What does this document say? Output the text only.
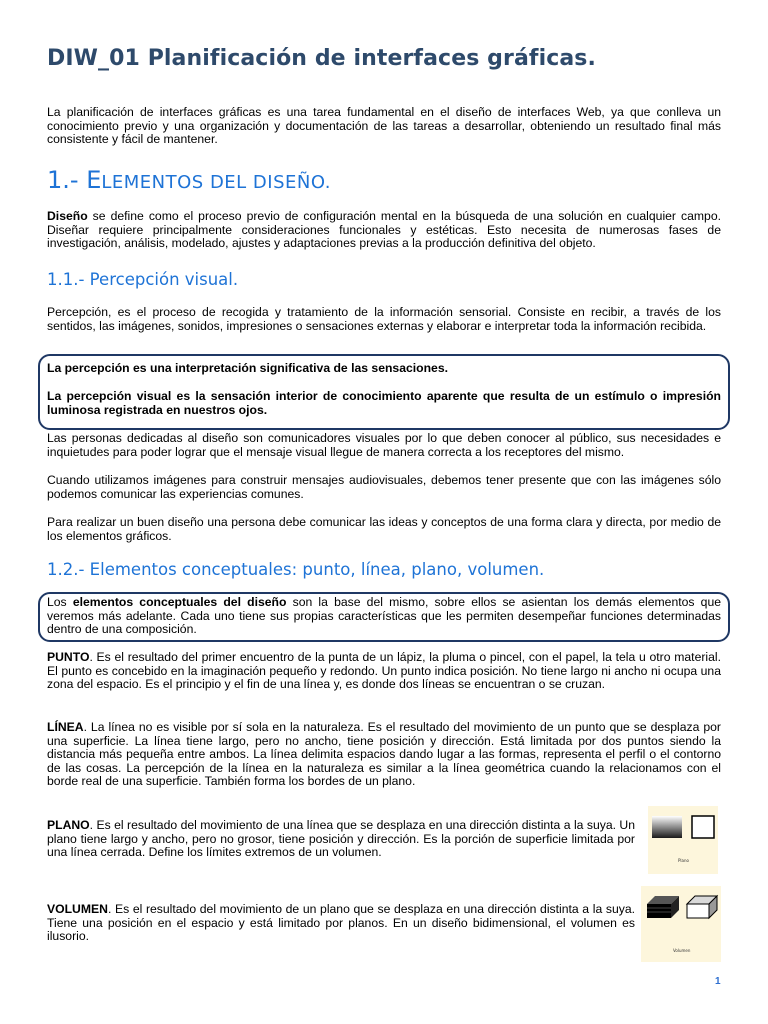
DIW_01 Planificación de interfaces gráficas.

La planificación de interfaces gráficas es una tarea fundamental en el diseño de interfaces Web, ya que conlleva un conocimiento previo y una organización y documentación de las tareas a desarrollar, obteniendo un resultado final más consistente y fácil de mantener.

1.- ELEMENTOS DEL DISEÑO.

Diseño se define como el proceso previo de configuración mental en la búsqueda de una solución en cualquier campo. Diseñar requiere principalmente consideraciones funcionales y estéticas. Esto necesita de numerosas fases de investigación, análisis, modelado, ajustes y adaptaciones previas a la producción definitiva del objeto.

1.1.- Percepción visual.

Percepción, es el proceso de recogida y tratamiento de la información sensorial. Consiste en recibir, a través de los sentidos, las imágenes, sonidos, impresiones o sensaciones externas y elaborar e interpretar toda la información recibida.

La percepción es una interpretación significativa de las sensaciones.

La percepción visual es la sensación interior de conocimiento aparente que resulta de un estímulo o impresión luminosa registrada en nuestros ojos.

Las personas dedicadas al diseño son comunicadores visuales por lo que deben conocer al público, sus necesidades e inquietudes para poder lograr que el mensaje visual llegue de manera correcta a los receptores del mismo.

Cuando utilizamos imágenes para construir mensajes audiovisuales, debemos tener presente que con las imágenes sólo podemos comunicar las experiencias comunes.

Para realizar un buen diseño una persona debe comunicar las ideas y conceptos de una forma clara y directa, por medio de los elementos gráficos.

1.2.- Elementos conceptuales: punto, línea, plano, volumen.

Los elementos conceptuales del diseño son la base del mismo, sobre ellos se asientan los demás elementos que veremos más adelante. Cada uno tiene sus propias características que les permiten desempeñar funciones determinadas dentro de una composición.

PUNTO. Es el resultado del primer encuentro de la punta de un lápiz, la pluma o pincel, con el papel, la tela u otro material. El punto es concebido en la imaginación pequeño y redondo. Un punto indica posición. No tiene largo ni ancho ni ocupa una zona del espacio. Es el principio y el fin de una línea y, es donde dos líneas se encuentran o se cruzan.

LÍNEA. La línea no es visible por sí sola en la naturaleza. Es el resultado del movimiento de un punto que se desplaza por una superficie. La línea tiene largo, pero no ancho, tiene posición y dirección. Está limitada por dos puntos siendo la distancia más pequeña entre ambos. La línea delimita espacios dando lugar a las formas, representa el perfil o el contorno de las cosas. La percepción de la línea en la naturaleza es similar a la línea geométrica cuando la relacionamos con el borde real de una superficie. También forma los bordes de un plano.

PLANO. Es el resultado del movimiento de una línea que se desplaza en una dirección distinta a la suya. Un plano tiene largo y ancho, pero no grosor, tiene posición y dirección. Es la porción de superficie limitada por una línea cerrada. Define los límites extremos de un volumen.

Plano

VOLUMEN. Es el resultado del movimiento de un plano que se desplaza en una dirección distinta a la suya. Tiene una posición en el espacio y está limitado por planos. En un diseño bidimensional, el volumen es ilusorio.

Volumen
1
